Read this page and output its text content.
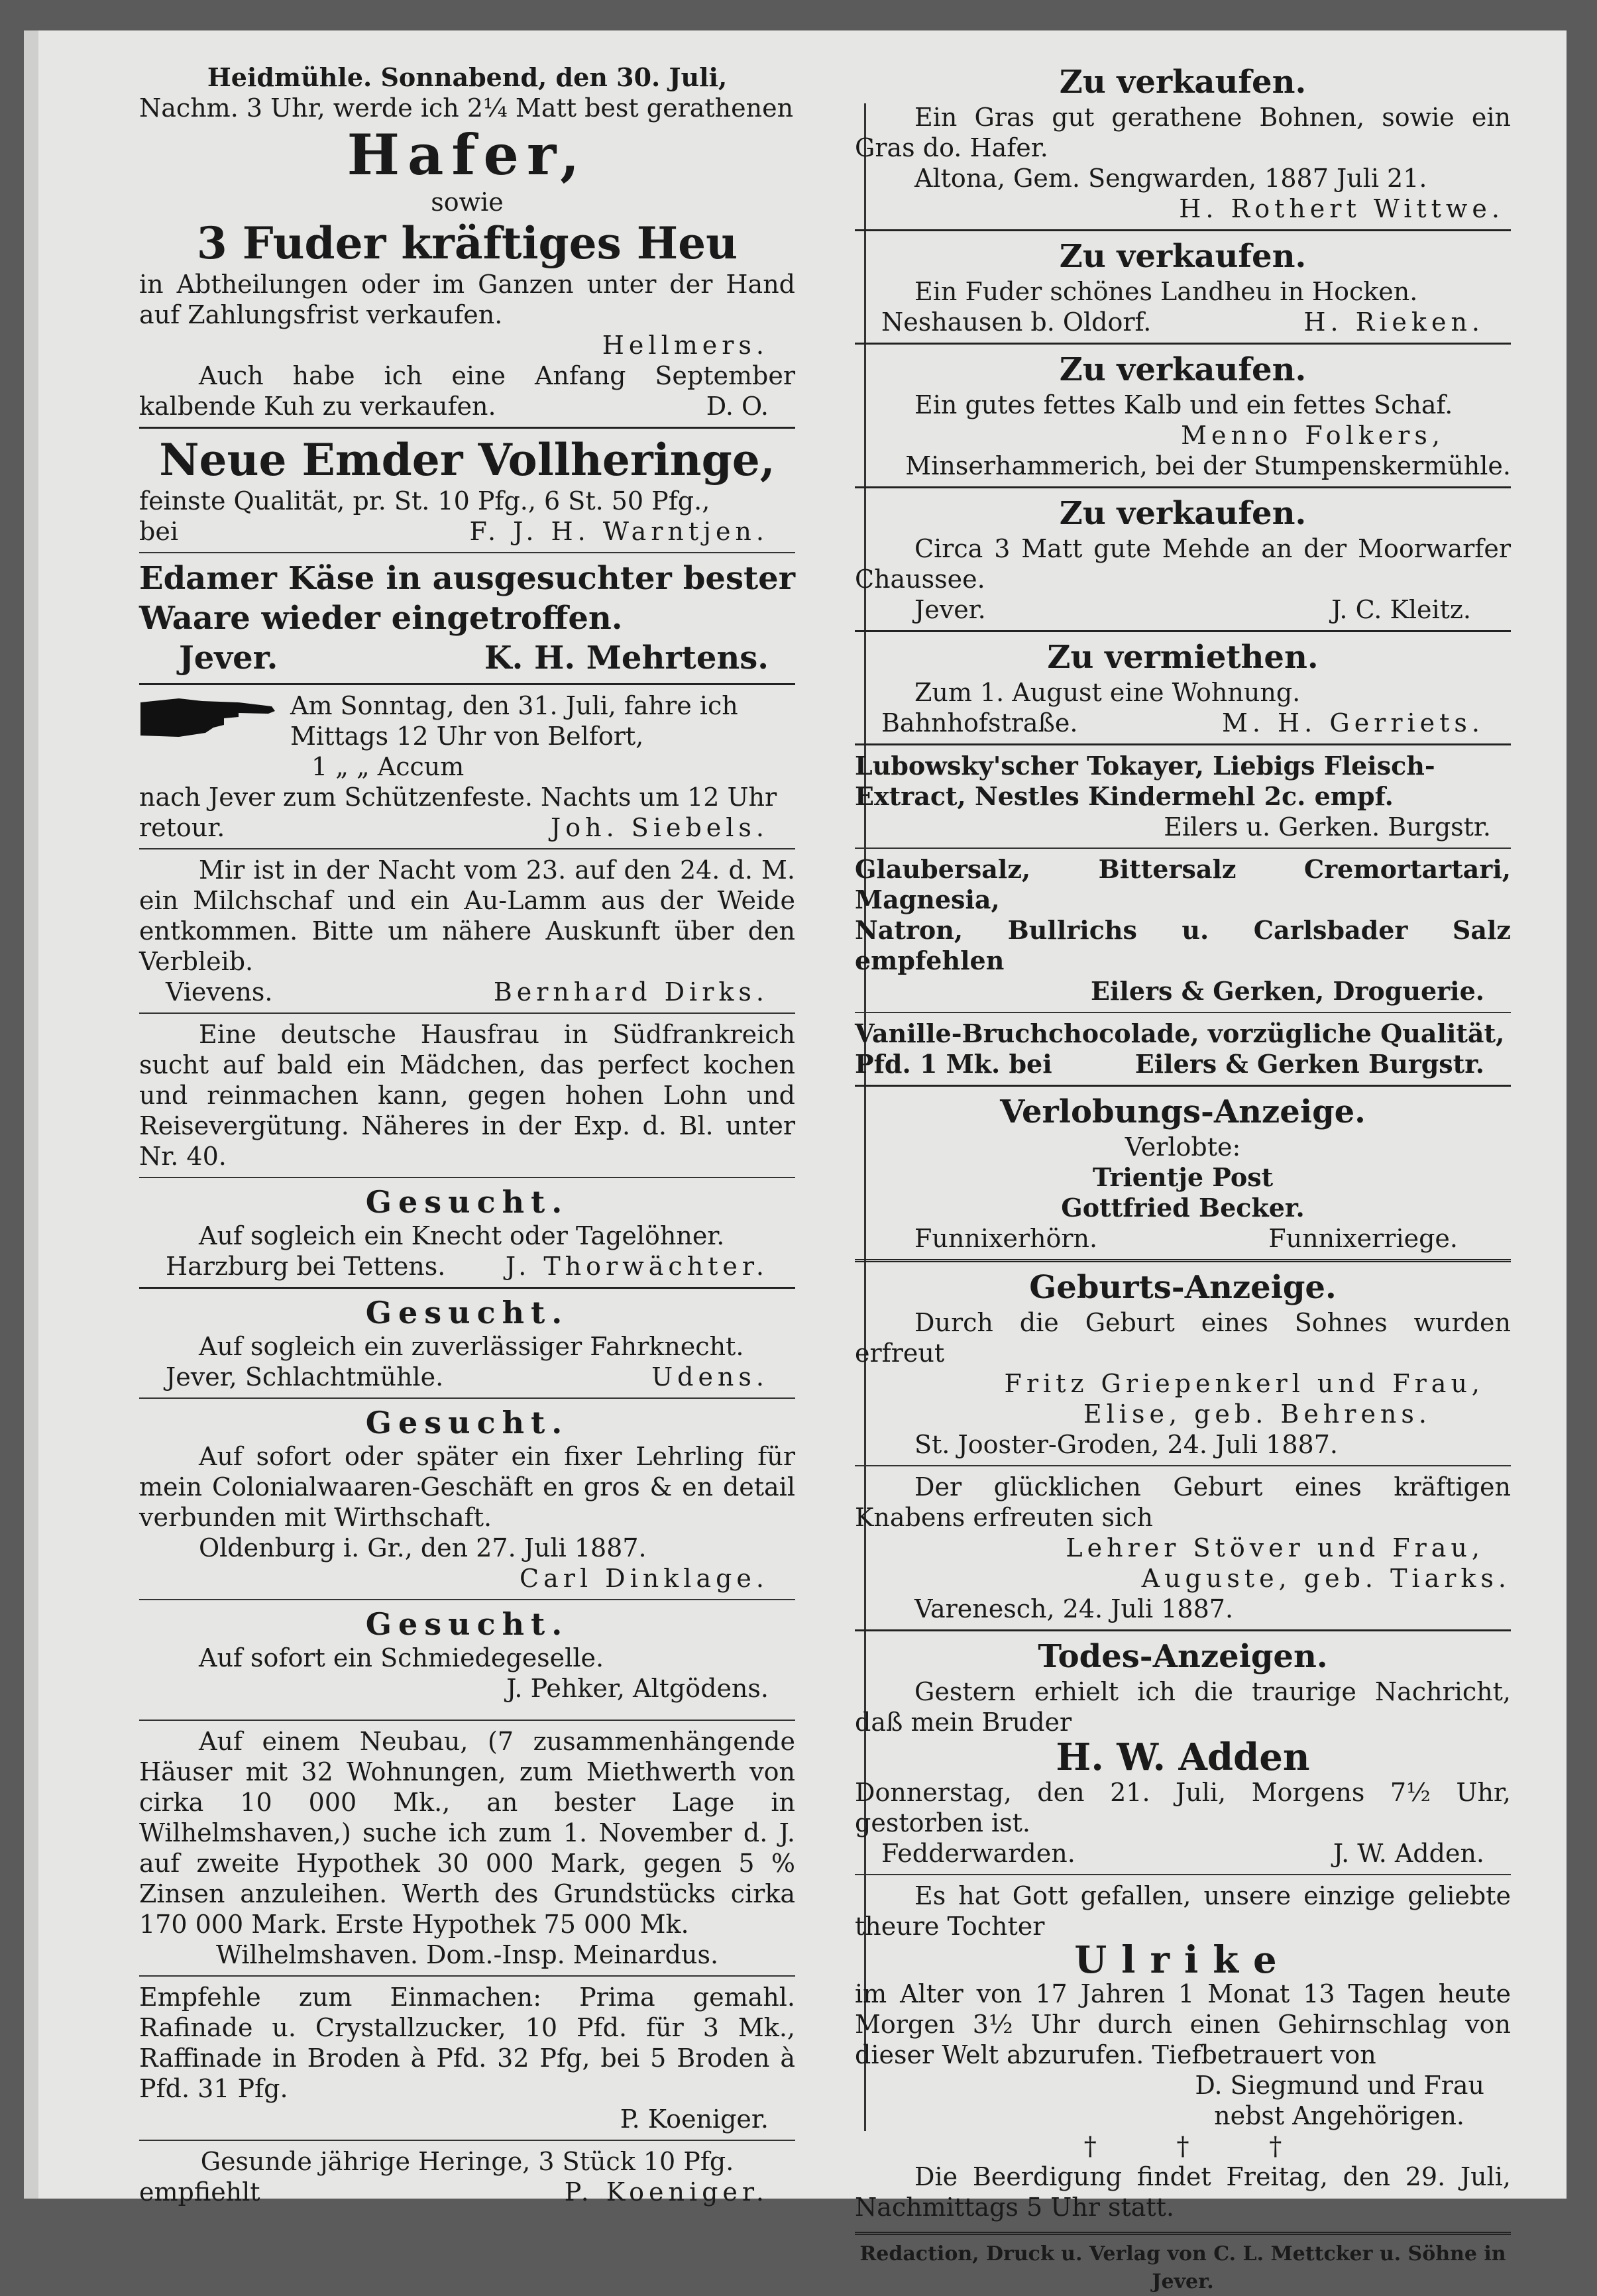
Heidmühle. Sonnabend, den 30. Juli,

Nachm. 3 Uhr, werde ich 2¼ Matt best gerathenen

Hafer,

sowie

3 Fuder kräftiges Heu

in Abtheilungen oder im Ganzen unter der Hand auf Zahlungsfrist verkaufen.

Hellmers.

Auch habe ich eine Anfang September kalbende Kuh zu verkaufen.	D. O.

Neue Emder Vollheringe,

feinste Qualität, pr. St. 10 Pfg., 6 St. 50 Pfg.,

bei	F. J. H. Warntjen.

Edamer Käse in ausgesuchter bester Waare wieder eingetroffen.

Jever.	K. H. Mehrtens.

Am Sonntag, den 31. Juli, fahre ich

Mittags 12 Uhr von Belfort,

1 „ „ Accum

nach Jever zum Schützenfeste. Nachts um 12 Uhr

retour.	Joh. Siebels.

Mir ist in der Nacht vom 23. auf den 24. d. M. ein Milchschaf und ein Au-Lamm aus der Weide entkommen. Bitte um nähere Auskunft über den Verbleib.

Vievens.	Bernhard Dirks.

Eine deutsche Hausfrau in Südfrankreich sucht auf bald ein Mädchen, das perfect kochen und reinmachen kann, gegen hohen Lohn und Reisevergütung. Näheres in der Exp. d. Bl. unter Nr. 40.

Gesucht.

Auf sogleich ein Knecht oder Tagelöhner.

Harzburg bei Tettens. J. Thorwächter.

Gesucht.

Auf sogleich ein zuverlässiger Fahrknecht.

Jever, Schlachtmühle.	Udens.

Gesucht.

Auf sofort oder später ein fixer Lehrling für mein Colonialwaaren-Geschäft en gros & en detail verbunden mit Wirthschaft.

Oldenburg i. Gr., den 27. Juli 1887.

Carl Dinklage.

Gesucht.

Auf sofort ein Schmiedegeselle.

J. Pehker, Altgödens.

Auf einem Neubau, (7 zusammenhängende Häuser mit 32 Wohnungen, zum Miethwerth von cirka 10 000 Mk., an bester Lage in Wilhelmshaven,) suche ich zum 1. November d. J. auf zweite Hypothek 30 000 Mark, gegen 5 % Zinsen anzuleihen. Werth des Grundstücks cirka 170 000 Mark. Erste Hypothek 75 000 Mk.

Wilhelmshaven. Dom.-Insp. Meinardus.

Empfehle zum Einmachen: Prima gemahl. Rafinade u. Crystallzucker, 10 Pfd. für 3 Mk., Raffinade in Broden à Pfd. 32 Pfg, bei 5 Broden à Pfd. 31 Pfg.

P. Koeniger.

Gesunde jährige Heringe, 3 Stück 10 Pfg.

empfiehlt	P. Koeniger.

Zu verkaufen.

Ein Gras gut gerathene Bohnen, sowie ein Gras do. Hafer.

Altona, Gem. Sengwarden, 1887 Juli 21.

H. Rothert Wittwe.

Zu verkaufen.

Ein Fuder schönes Landheu in Hocken.

Neshausen b. Oldorf.	H. Rieken.

Zu verkaufen.

Ein gutes fettes Kalb und ein fettes Schaf.

Menno Folkers,

Minserhammerich, bei der Stumpenskermühle.

Zu verkaufen.

Circa 3 Matt gute Mehde an der Moorwarfer Chaussee.

Jever.	J. C. Kleitz.

Zu vermiethen.

Zum 1. August eine Wohnung.

Bahnhofstraße.	M. H. Gerriets.

Lubowsky'scher Tokayer, Liebigs Fleisch-

Extract, Nestles Kindermehl 2c. empf.

Eilers u. Gerken. Burgstr.

Glaubersalz, Bittersalz Cremortartari, Magnesia,

Natron, Bullrichs u. Carlsbader Salz empfehlen

Eilers & Gerken, Droguerie.

Vanille-Bruchchocolade, vorzügliche Qualität,

Pfd. 1 Mk. bei	Eilers & Gerken Burgstr.

Verlobungs-Anzeige.

Verlobte:

Trientje Post

Gottfried Becker.

Funnixerhörn.	Funnixerriege.

Geburts-Anzeige.

Durch die Geburt eines Sohnes wurden erfreut

Fritz Griepenkerl und Frau,

Elise, geb. Behrens.

St. Jooster-Groden, 24. Juli 1887.

Der glücklichen Geburt eines kräftigen Knabens erfreuten sich

Lehrer Stöver und Frau,

Auguste, geb. Tiarks.

Varenesch, 24. Juli 1887.

Todes-Anzeigen.

Gestern erhielt ich die traurige Nachricht, daß mein Bruder

H. W. Adden

Donnerstag, den 21. Juli, Morgens 7½ Uhr, gestorben ist.

Fedderwarden.	J. W. Adden.

Es hat Gott gefallen, unsere einzige geliebte theure Tochter

Ulrike

im Alter von 17 Jahren 1 Monat 13 Tagen heute Morgen 3½ Uhr durch einen Gehirnschlag von dieser Welt abzurufen. Tiefbetrauert von

D. Siegmund und Frau

nebst Angehörigen.

†          †          †

Die Beerdigung findet Freitag, den 29. Juli, Nachmittags 5 Uhr statt.

Redaction, Druck u. Verlag von C. L. Mettcker u. Söhne in Jever.
